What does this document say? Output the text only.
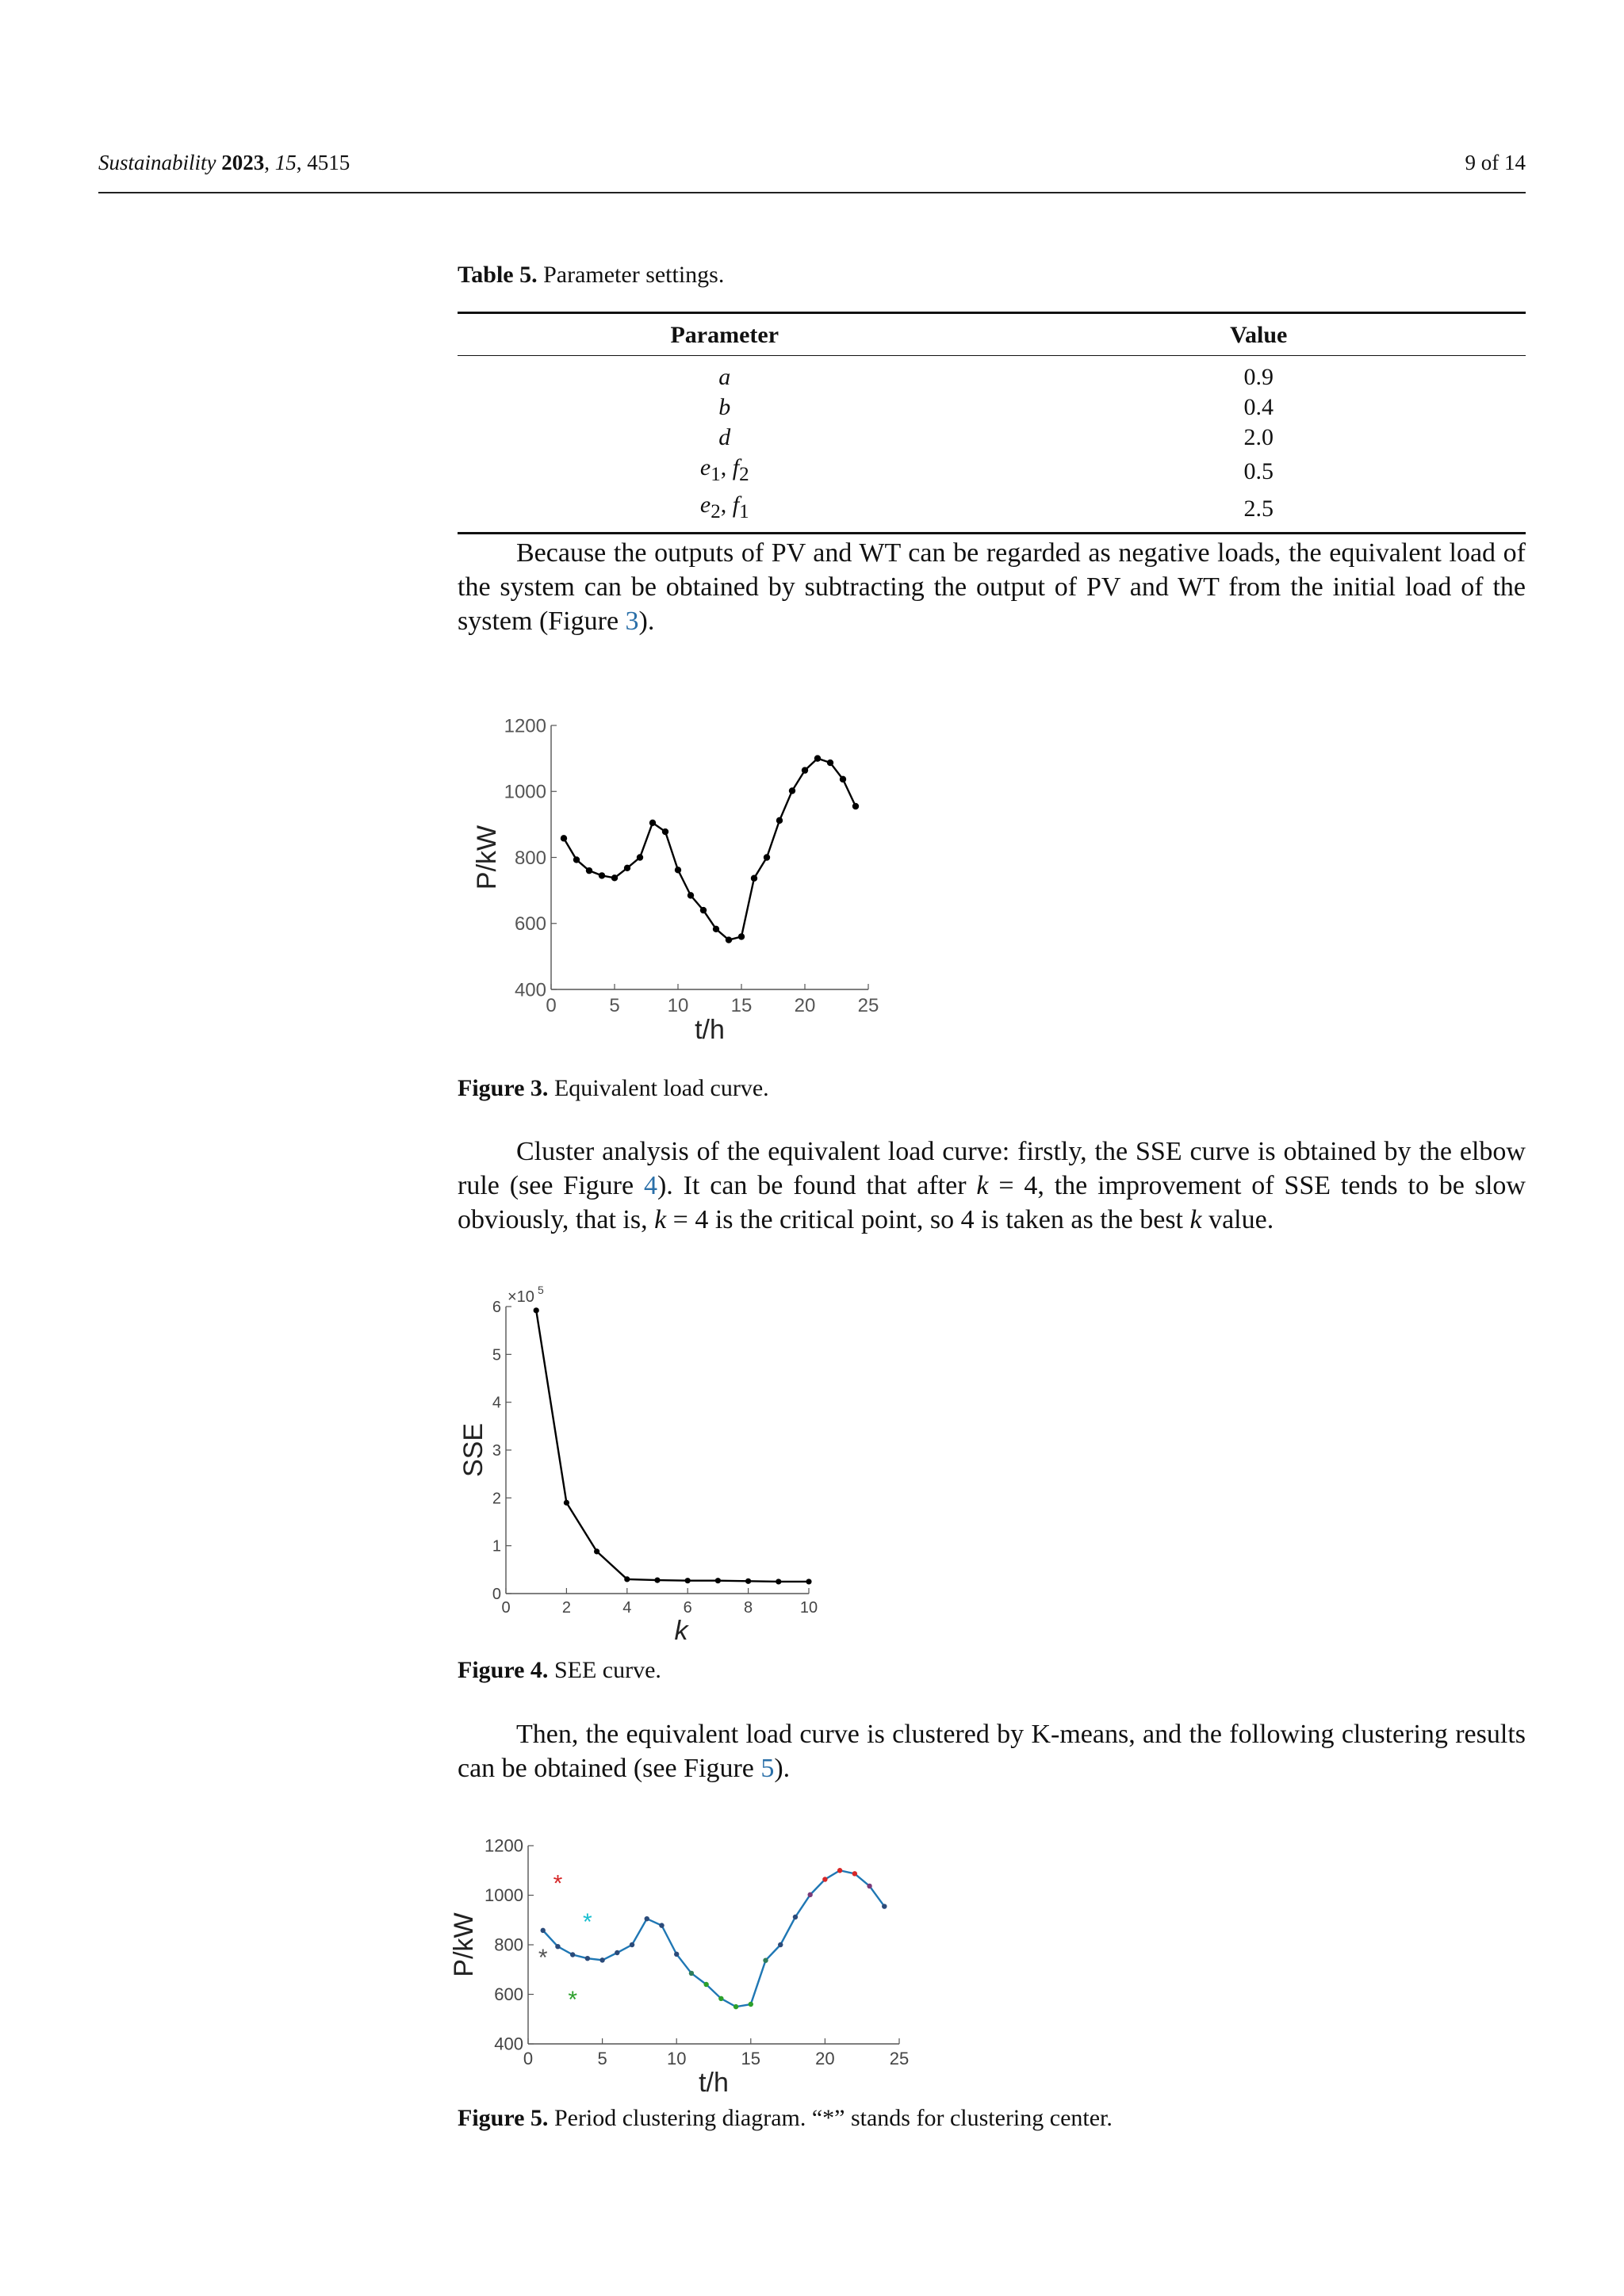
Sustainability 2023, 15, 4515	9 of 14
Table 5. Parameter settings.
Parameter	Value
a	0.9
b	0.4
d	2.0
$e_1$, $f_2$	0.5
$e_2$, $f_1$	2.5

Because the outputs of PV and WT can be regarded as negative loads, the equivalent load of the system can be obtained by subtracting the output of PV and WT from the initial load of the system (Figure 3).

0	5 10 15 20 25
400
600
800
1000
1200
t/h
P/kW
Figure 3. Equivalent load curve.

Cluster analysis of the equivalent load curve: firstly, the SSE curve is obtained by the elbow rule (see Figure 4). It can be found that after k = 4, the improvement of SSE tends to be slow obviously, that is, k = 4 is the critical point, so 4 is taken as the best k value.

0	2	4	6	8	10
0
1
2
3
4
5
6
k
SSE
×10 5
Figure 4. SEE curve.

Then, the equivalent load curve is clustered by K-means, and the following clustering results can be obtained (see Figure 5).

0	5	10	15	20	25
400
600
800
1000
1200
t/h
P/kW
*
*
*
*
Figure 5. Period clustering diagram. “*” stands for clustering center.
